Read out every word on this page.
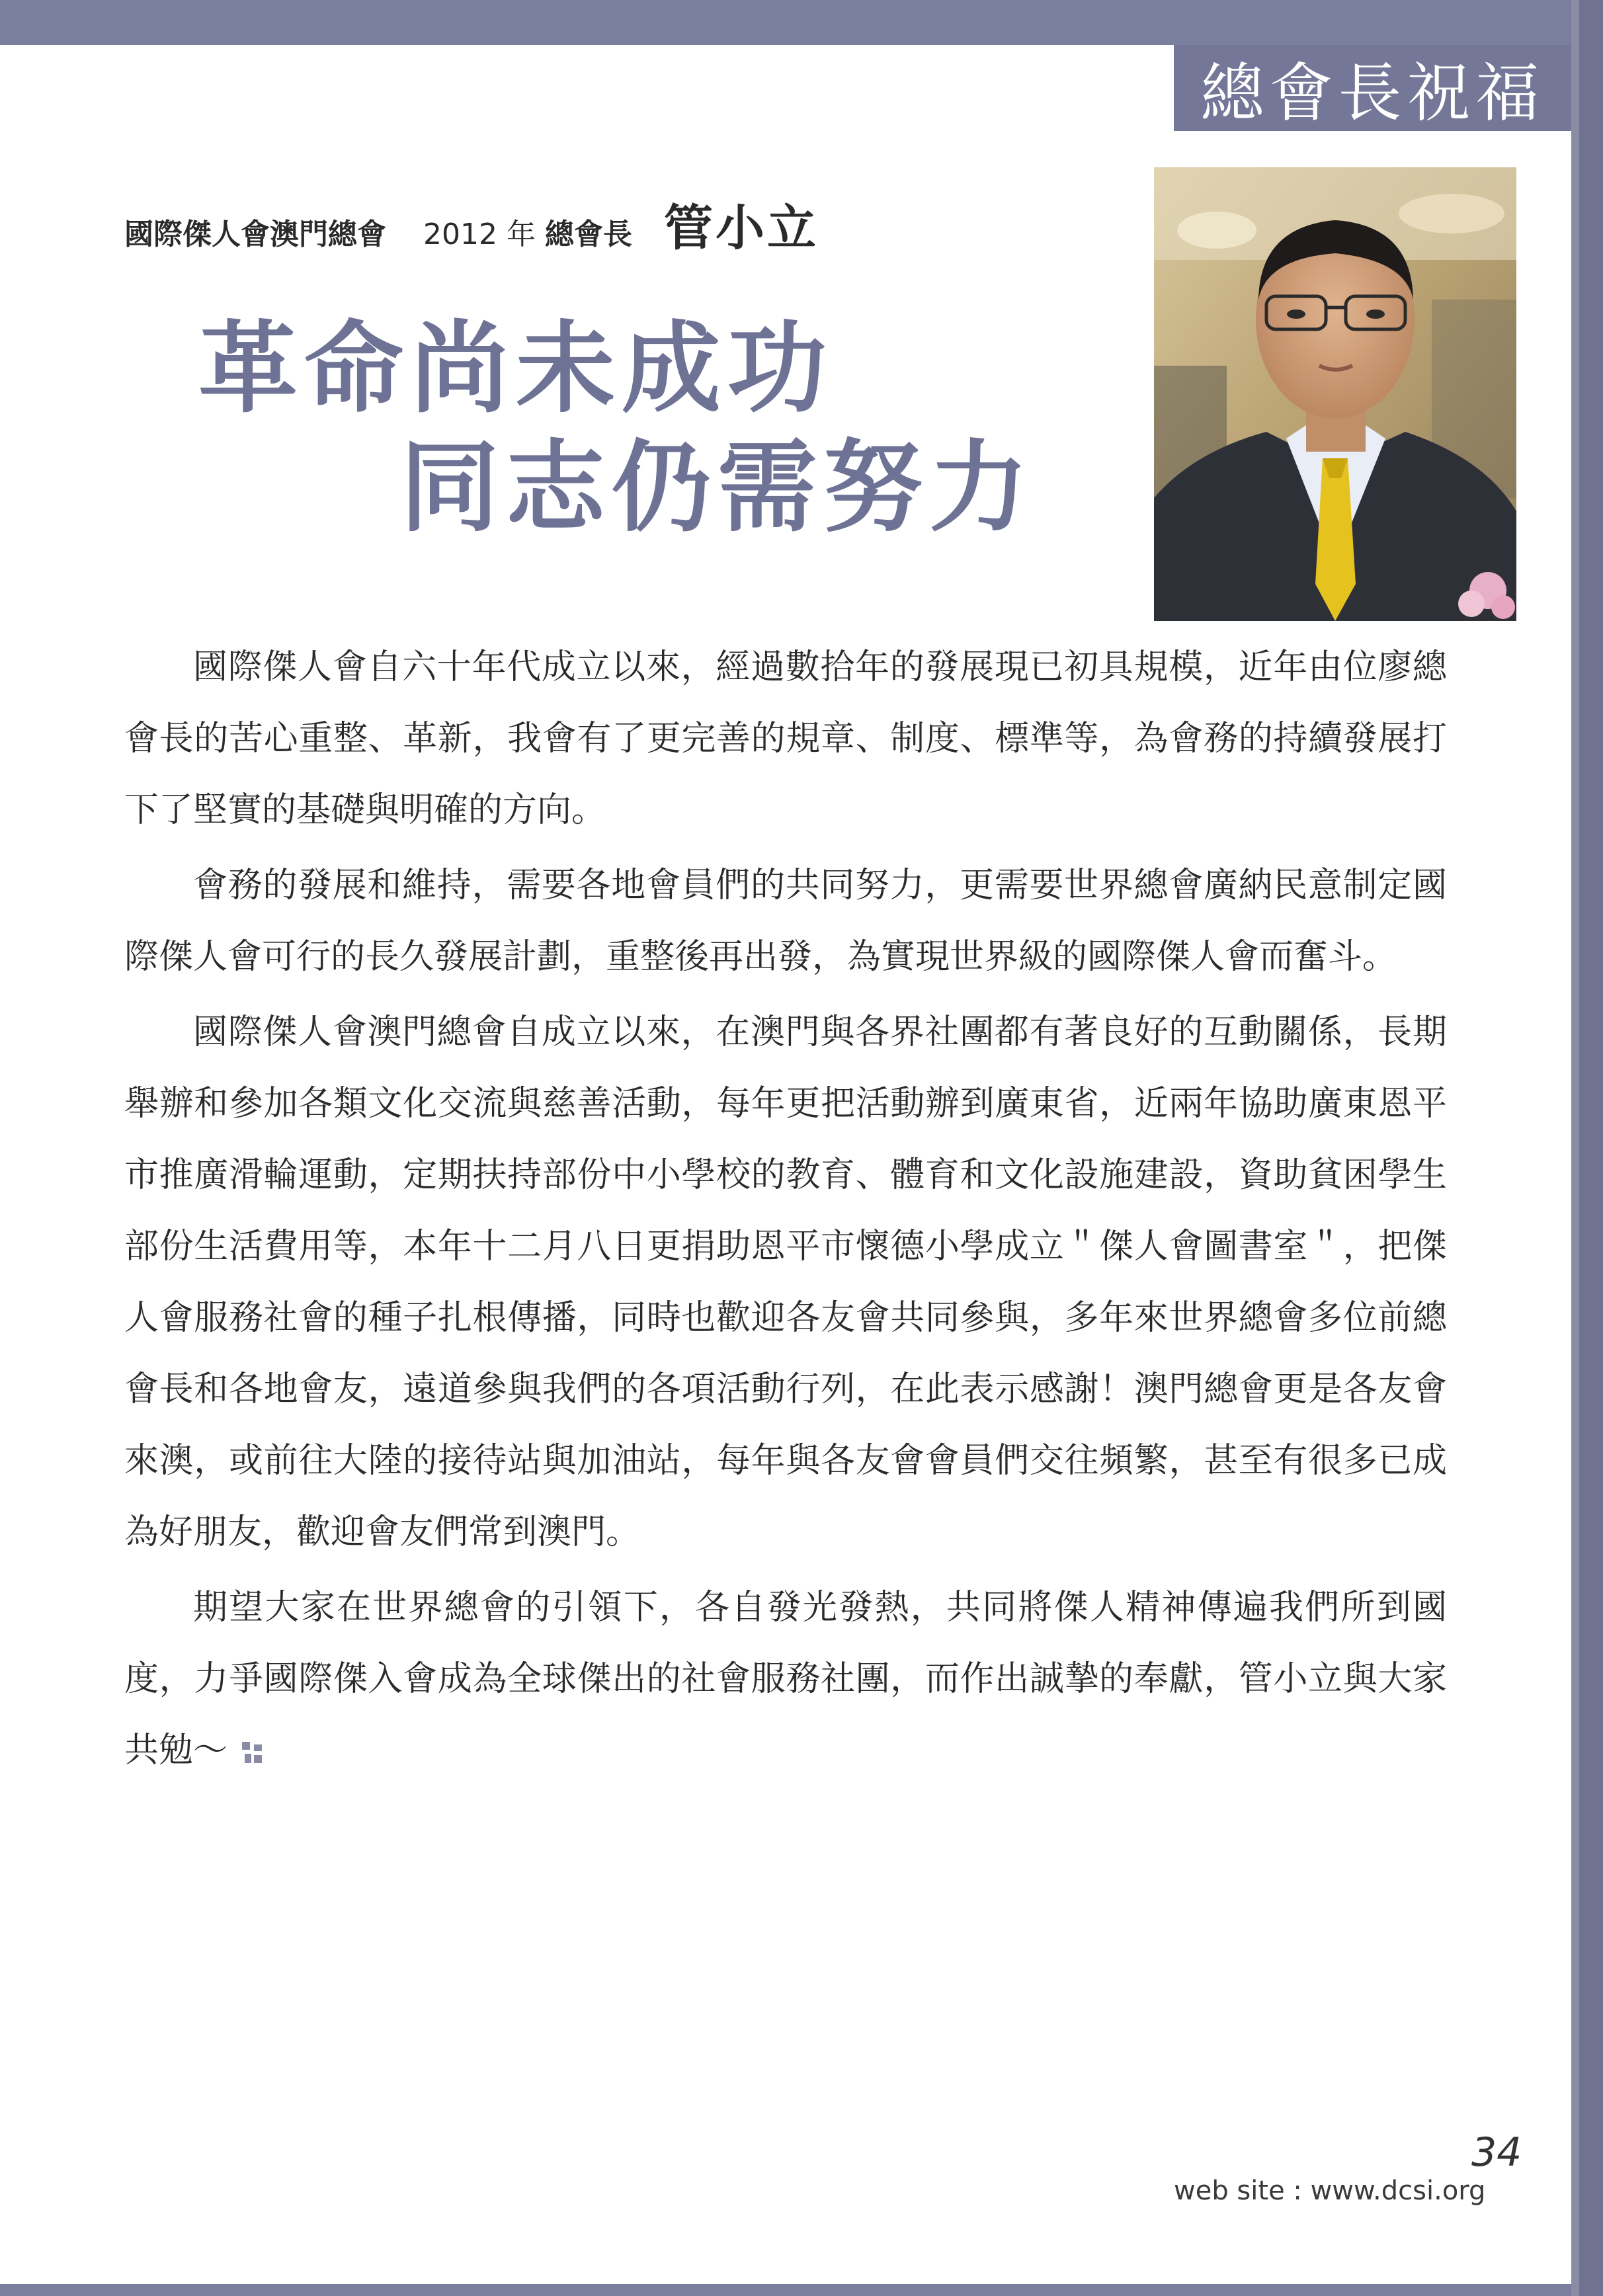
總會長祝福
國際傑人會澳門總會 2012 年 總會長 管小立
革命尚未成功
同志仍需努力

國際傑人會自六十年代成立以來，經過數拾年的發展現已初具規模，近年由位廖總會長的苦心重整、革新，我會有了更完善的規章、制度、標準等，為會務的持續發展打下了堅實的基礎與明確的方向。

會務的發展和維持，需要各地會員們的共同努力，更需要世界總會廣納民意制定國際傑人會可行的長久發展計劃，重整後再出發，為實現世界級的國際傑人會而奮斗。

國際傑人會澳門總會自成立以來，在澳門與各界社團都有著良好的互動關係，長期舉辦和參加各類文化交流與慈善活動，每年更把活動辦到廣東省，近兩年協助廣東恩平市推廣滑輪運動，定期扶持部份中小學校的教育、體育和文化設施建設，資助貧困學生部份生活費用等，本年十二月八日更捐助恩平市懷德小學成立＂傑人會圖書室＂，把傑人會服務社會的種子扎根傳播，同時也歡迎各友會共同參與，多年來世界總會多位前總會長和各地會友，遠道參與我們的各項活動行列，在此表示感謝！澳門總會更是各友會來澳，或前往大陸的接待站與加油站，每年與各友會會員們交往頻繁，甚至有很多已成為好朋友，歡迎會友們常到澳門。

期望大家在世界總會的引領下，各自發光發熱，共同將傑人精神傳遍我們所到國度，力爭國際傑入會成為全球傑出的社會服務社團，而作出誠摯的奉獻，管小立與大家共勉～

34
web site : www.dcsi.org
